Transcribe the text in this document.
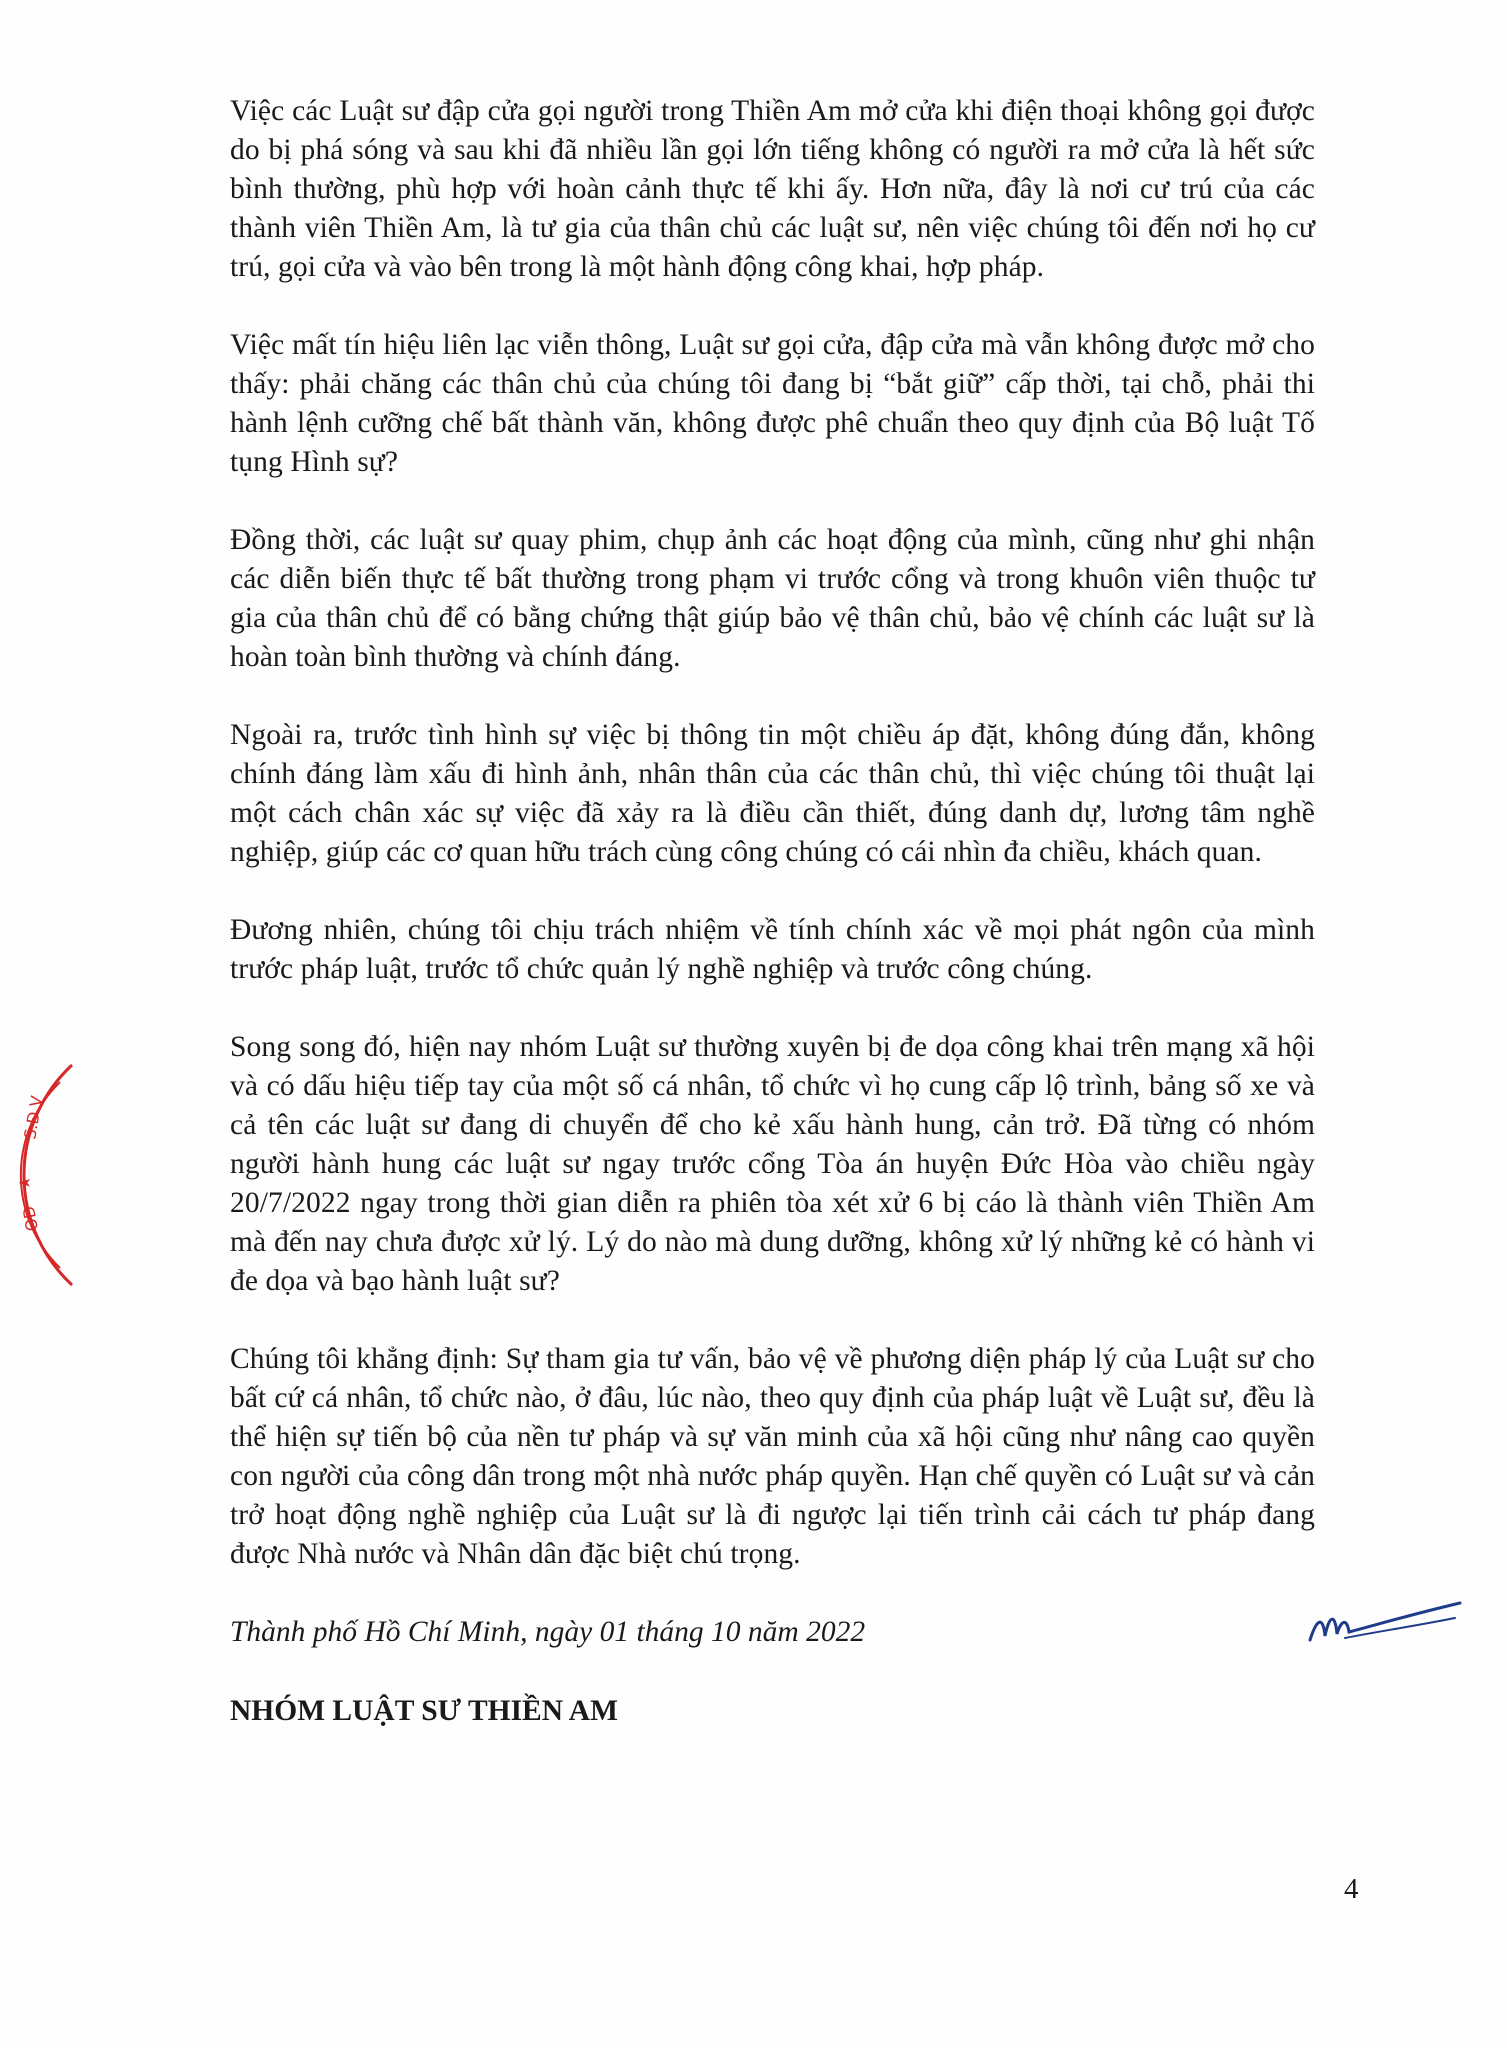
S.Đ.V
★
OĐ

Việc các Luật sư đập cửa gọi người trong Thiền Am mở cửa khi điện thoại không gọi được do bị phá sóng và sau khi đã nhiều lần gọi lớn tiếng không có người ra mở cửa là hết sức bình thường, phù hợp với hoàn cảnh thực tế khi ấy. Hơn nữa, đây là nơi cư trú của các thành viên Thiền Am, là tư gia của thân chủ các luật sư, nên việc chúng tôi đến nơi họ cư trú, gọi cửa và vào bên trong là một hành động công khai, hợp pháp.

Việc mất tín hiệu liên lạc viễn thông, Luật sư gọi cửa, đập cửa mà vẫn không được mở cho thấy: phải chăng các thân chủ của chúng tôi đang bị “bắt giữ” cấp thời, tại chỗ, phải thi hành lệnh cưỡng chế bất thành văn, không được phê chuẩn theo quy định của Bộ luật Tố tụng Hình sự?

Đồng thời, các luật sư quay phim, chụp ảnh các hoạt động của mình, cũng như ghi nhận các diễn biến thực tế bất thường trong phạm vi trước cổng và trong khuôn viên thuộc tư gia của thân chủ để có bằng chứng thật giúp bảo vệ thân chủ, bảo vệ chính các luật sư là hoàn toàn bình thường và chính đáng.

Ngoài ra, trước tình hình sự việc bị thông tin một chiều áp đặt, không đúng đắn, không chính đáng làm xấu đi hình ảnh, nhân thân của các thân chủ, thì việc chúng tôi thuật lại một cách chân xác sự việc đã xảy ra là điều cần thiết, đúng danh dự, lương tâm nghề nghiệp, giúp các cơ quan hữu trách cùng công chúng có cái nhìn đa chiều, khách quan.

Đương nhiên, chúng tôi chịu trách nhiệm về tính chính xác về mọi phát ngôn của mình trước pháp luật, trước tổ chức quản lý nghề nghiệp và trước công chúng.

Song song đó, hiện nay nhóm Luật sư thường xuyên bị đe dọa công khai trên mạng xã hội và có dấu hiệu tiếp tay của một số cá nhân, tổ chức vì họ cung cấp lộ trình, bảng số xe và cả tên các luật sư đang di chuyển để cho kẻ xấu hành hung, cản trở. Đã từng có nhóm người hành hung các luật sư ngay trước cổng Tòa án huyện Đức Hòa vào chiều ngày 20/7/2022 ngay trong thời gian diễn ra phiên tòa xét xử 6 bị cáo là thành viên Thiền Am mà đến nay chưa được xử lý. Lý do nào mà dung dưỡng, không xử lý những kẻ có hành vi đe dọa và bạo hành luật sư?

Chúng tôi khẳng định: Sự tham gia tư vấn, bảo vệ về phương diện pháp lý của Luật sư cho bất cứ cá nhân, tổ chức nào, ở đâu, lúc nào, theo quy định của pháp luật về Luật sư, đều là thể hiện sự tiến bộ của nền tư pháp và sự văn minh của xã hội cũng như nâng cao quyền con người của công dân trong một nhà nước pháp quyền. Hạn chế quyền có Luật sư và cản trở hoạt động nghề nghiệp của Luật sư là đi ngược lại tiến trình cải cách tư pháp đang được Nhà nước và Nhân dân đặc biệt chú trọng.

Thành phố Hồ Chí Minh, ngày 01 tháng 10 năm 2022

NHÓM LUẬT SƯ THIỀN AM

4
